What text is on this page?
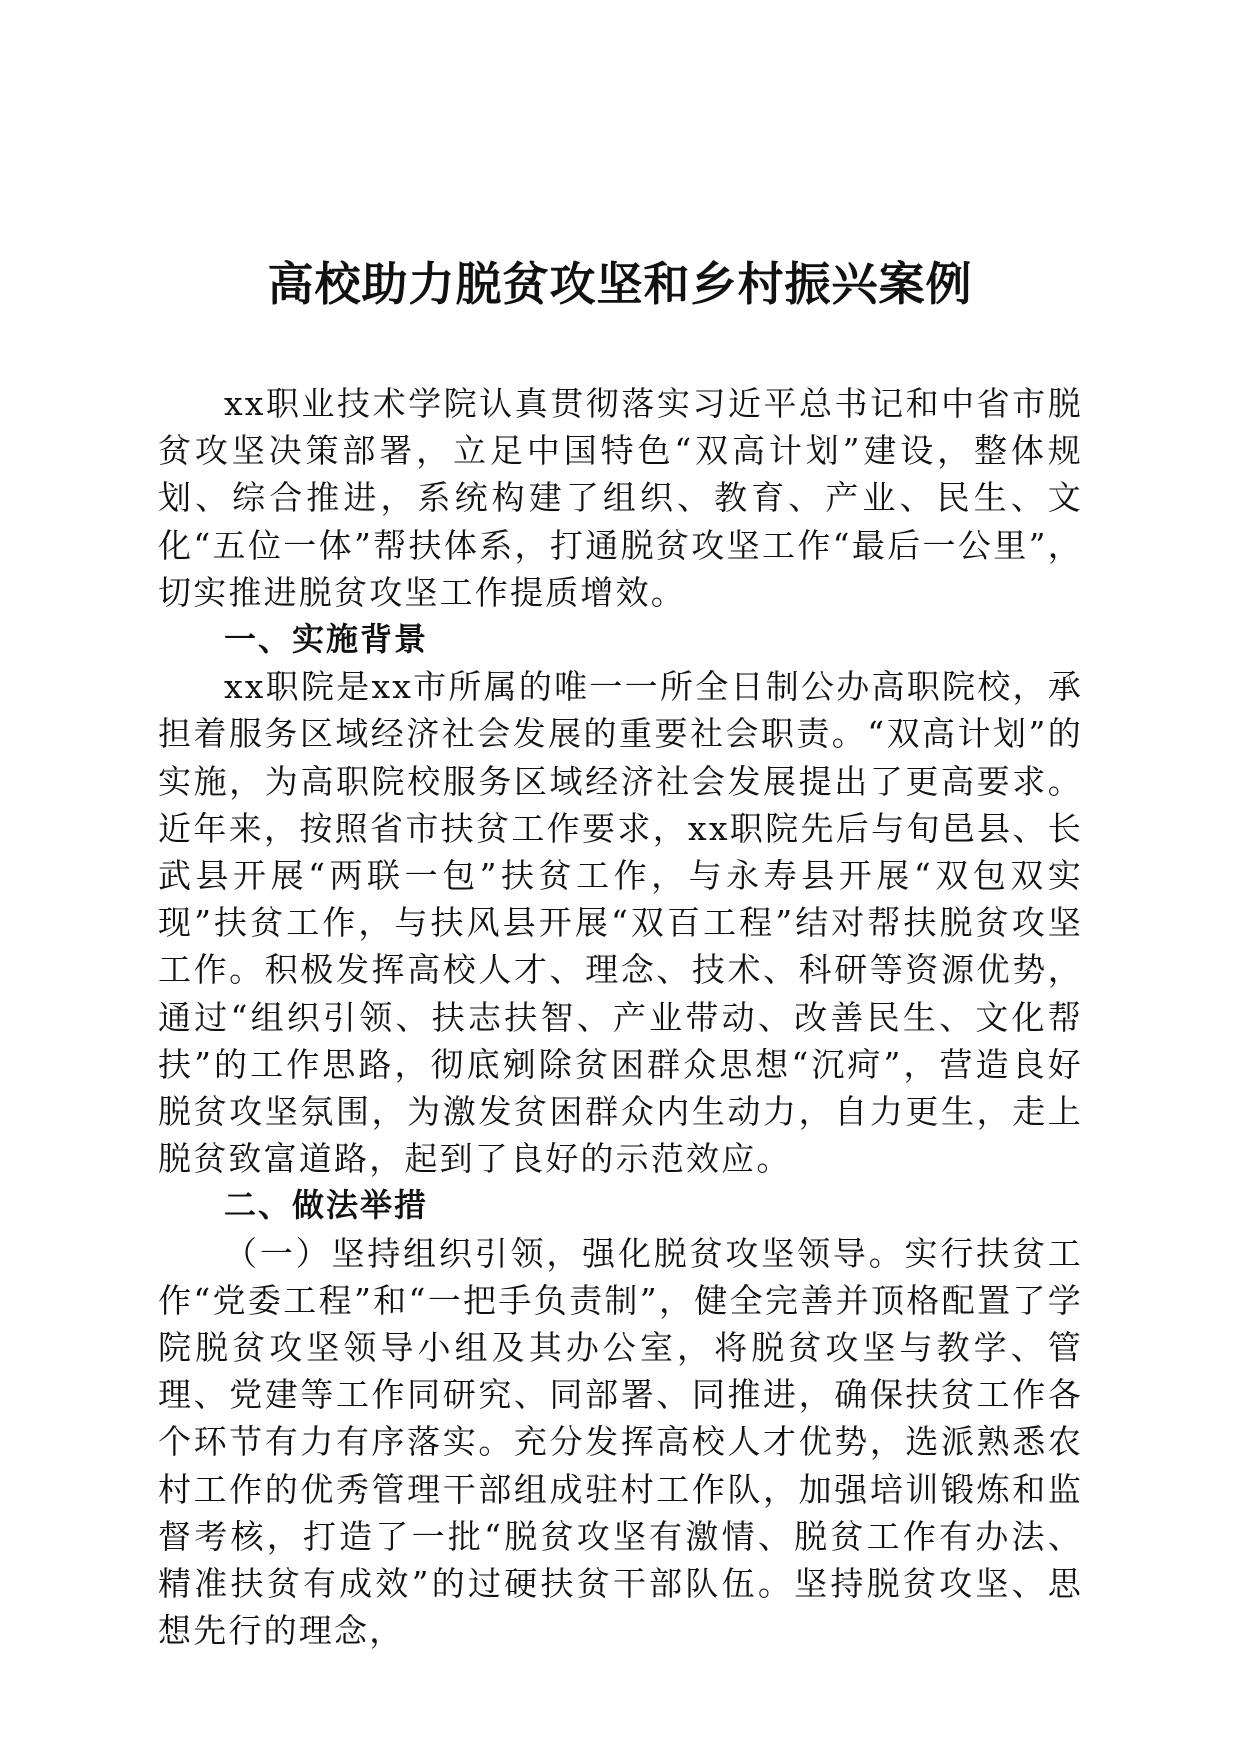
高校助力脱贫攻坚和乡村振兴案例

xx职业技术学院认真贯彻落实习近平总书记和中省市脱贫攻坚决策部署，立足中国特色“双高计划”建设，整体规划、综合推进，系统构建了组织、教育、产业、民生、文化“五位一体”帮扶体系，打通脱贫攻坚工作“最后一公里”，切实推进脱贫攻坚工作提质增效。

一、实施背景

xx职院是xx市所属的唯一一所全日制公办高职院校，承担着服务区域经济社会发展的重要社会职责。“双高计划”的实施，为高职院校服务区域经济社会发展提出了更高要求。近年来，按照省市扶贫工作要求，xx职院先后与旬邑县、长武县开展“两联一包”扶贫工作，与永寿县开展“双包双实现”扶贫工作，与扶风县开展“双百工程”结对帮扶脱贫攻坚工作。积极发挥高校人才、理念、技术、科研等资源优势，通过“组织引领、扶志扶智、产业带动、改善民生、文化帮扶”的工作思路，彻底剜除贫困群众思想“沉疴”，营造良好脱贫攻坚氛围，为激发贫困群众内生动力，自力更生，走上脱贫致富道路，起到了良好的示范效应。

二、做法举措

（一）坚持组织引领，强化脱贫攻坚领导。实行扶贫工作“党委工程”和“一把手负责制”，健全完善并顶格配置了学院脱贫攻坚领导小组及其办公室，将脱贫攻坚与教学、管理、党建等工作同研究、同部署、同推进，确保扶贫工作各个环节有力有序落实。充分发挥高校人才优势，选派熟悉农村工作的优秀管理干部组成驻村工作队，加强培训锻炼和监督考核，打造了一批“脱贫攻坚有激情、脱贫工作有办法、精准扶贫有成效”的过硬扶贫干部队伍。坚持脱贫攻坚、思想先行的理念，
